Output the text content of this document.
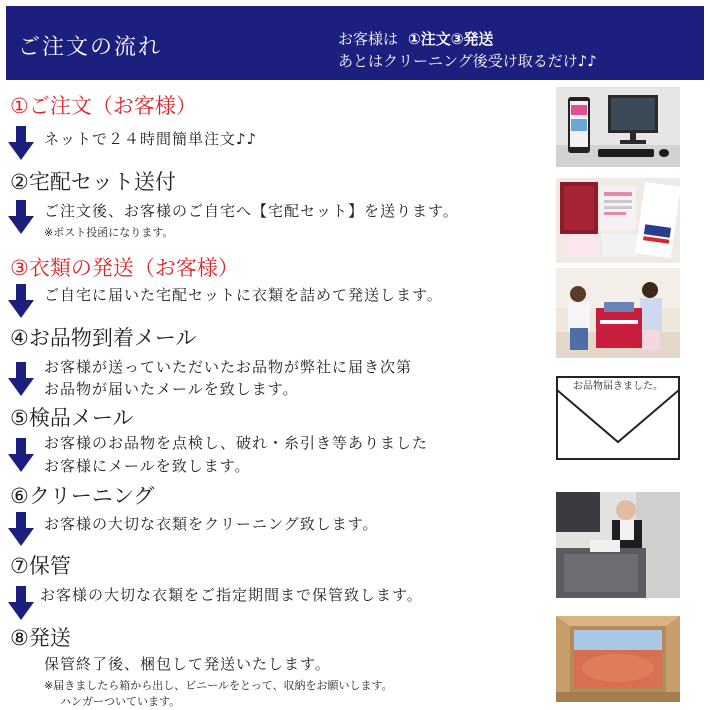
ご注文の流れ	お客様は ①注文③発送
あとはクリーニング後受け取るだけ♪♪
①ご注文（お客様）
ネットで２４時間簡単注文♪♪
②宅配セット送付
ご注文後、お客様のご自宅へ【宅配セット】を送ります。
※ポスト投函になります。
③衣類の発送（お客様）
ご自宅に届いた宅配セットに衣類を詰めて発送します。
④お品物到着メール
お客様が送っていただいたお品物が弊社に届き次第
お品物が届いたメールを致します。
⑤検品メール
お客様のお品物を点検し、破れ・糸引き等ありました
お客様にメールを致します。
⑥クリーニング
お客様の大切な衣類をクリーニング致します。
⑦保管
お客様の大切な衣類をご指定期間まで保管致します。
⑧発送
保管終了後、梱包して発送いたします。
※届きましたら箱から出し、ビニールをとって、収納をお願いします。
ハンガーついています。
お品物届きました。
